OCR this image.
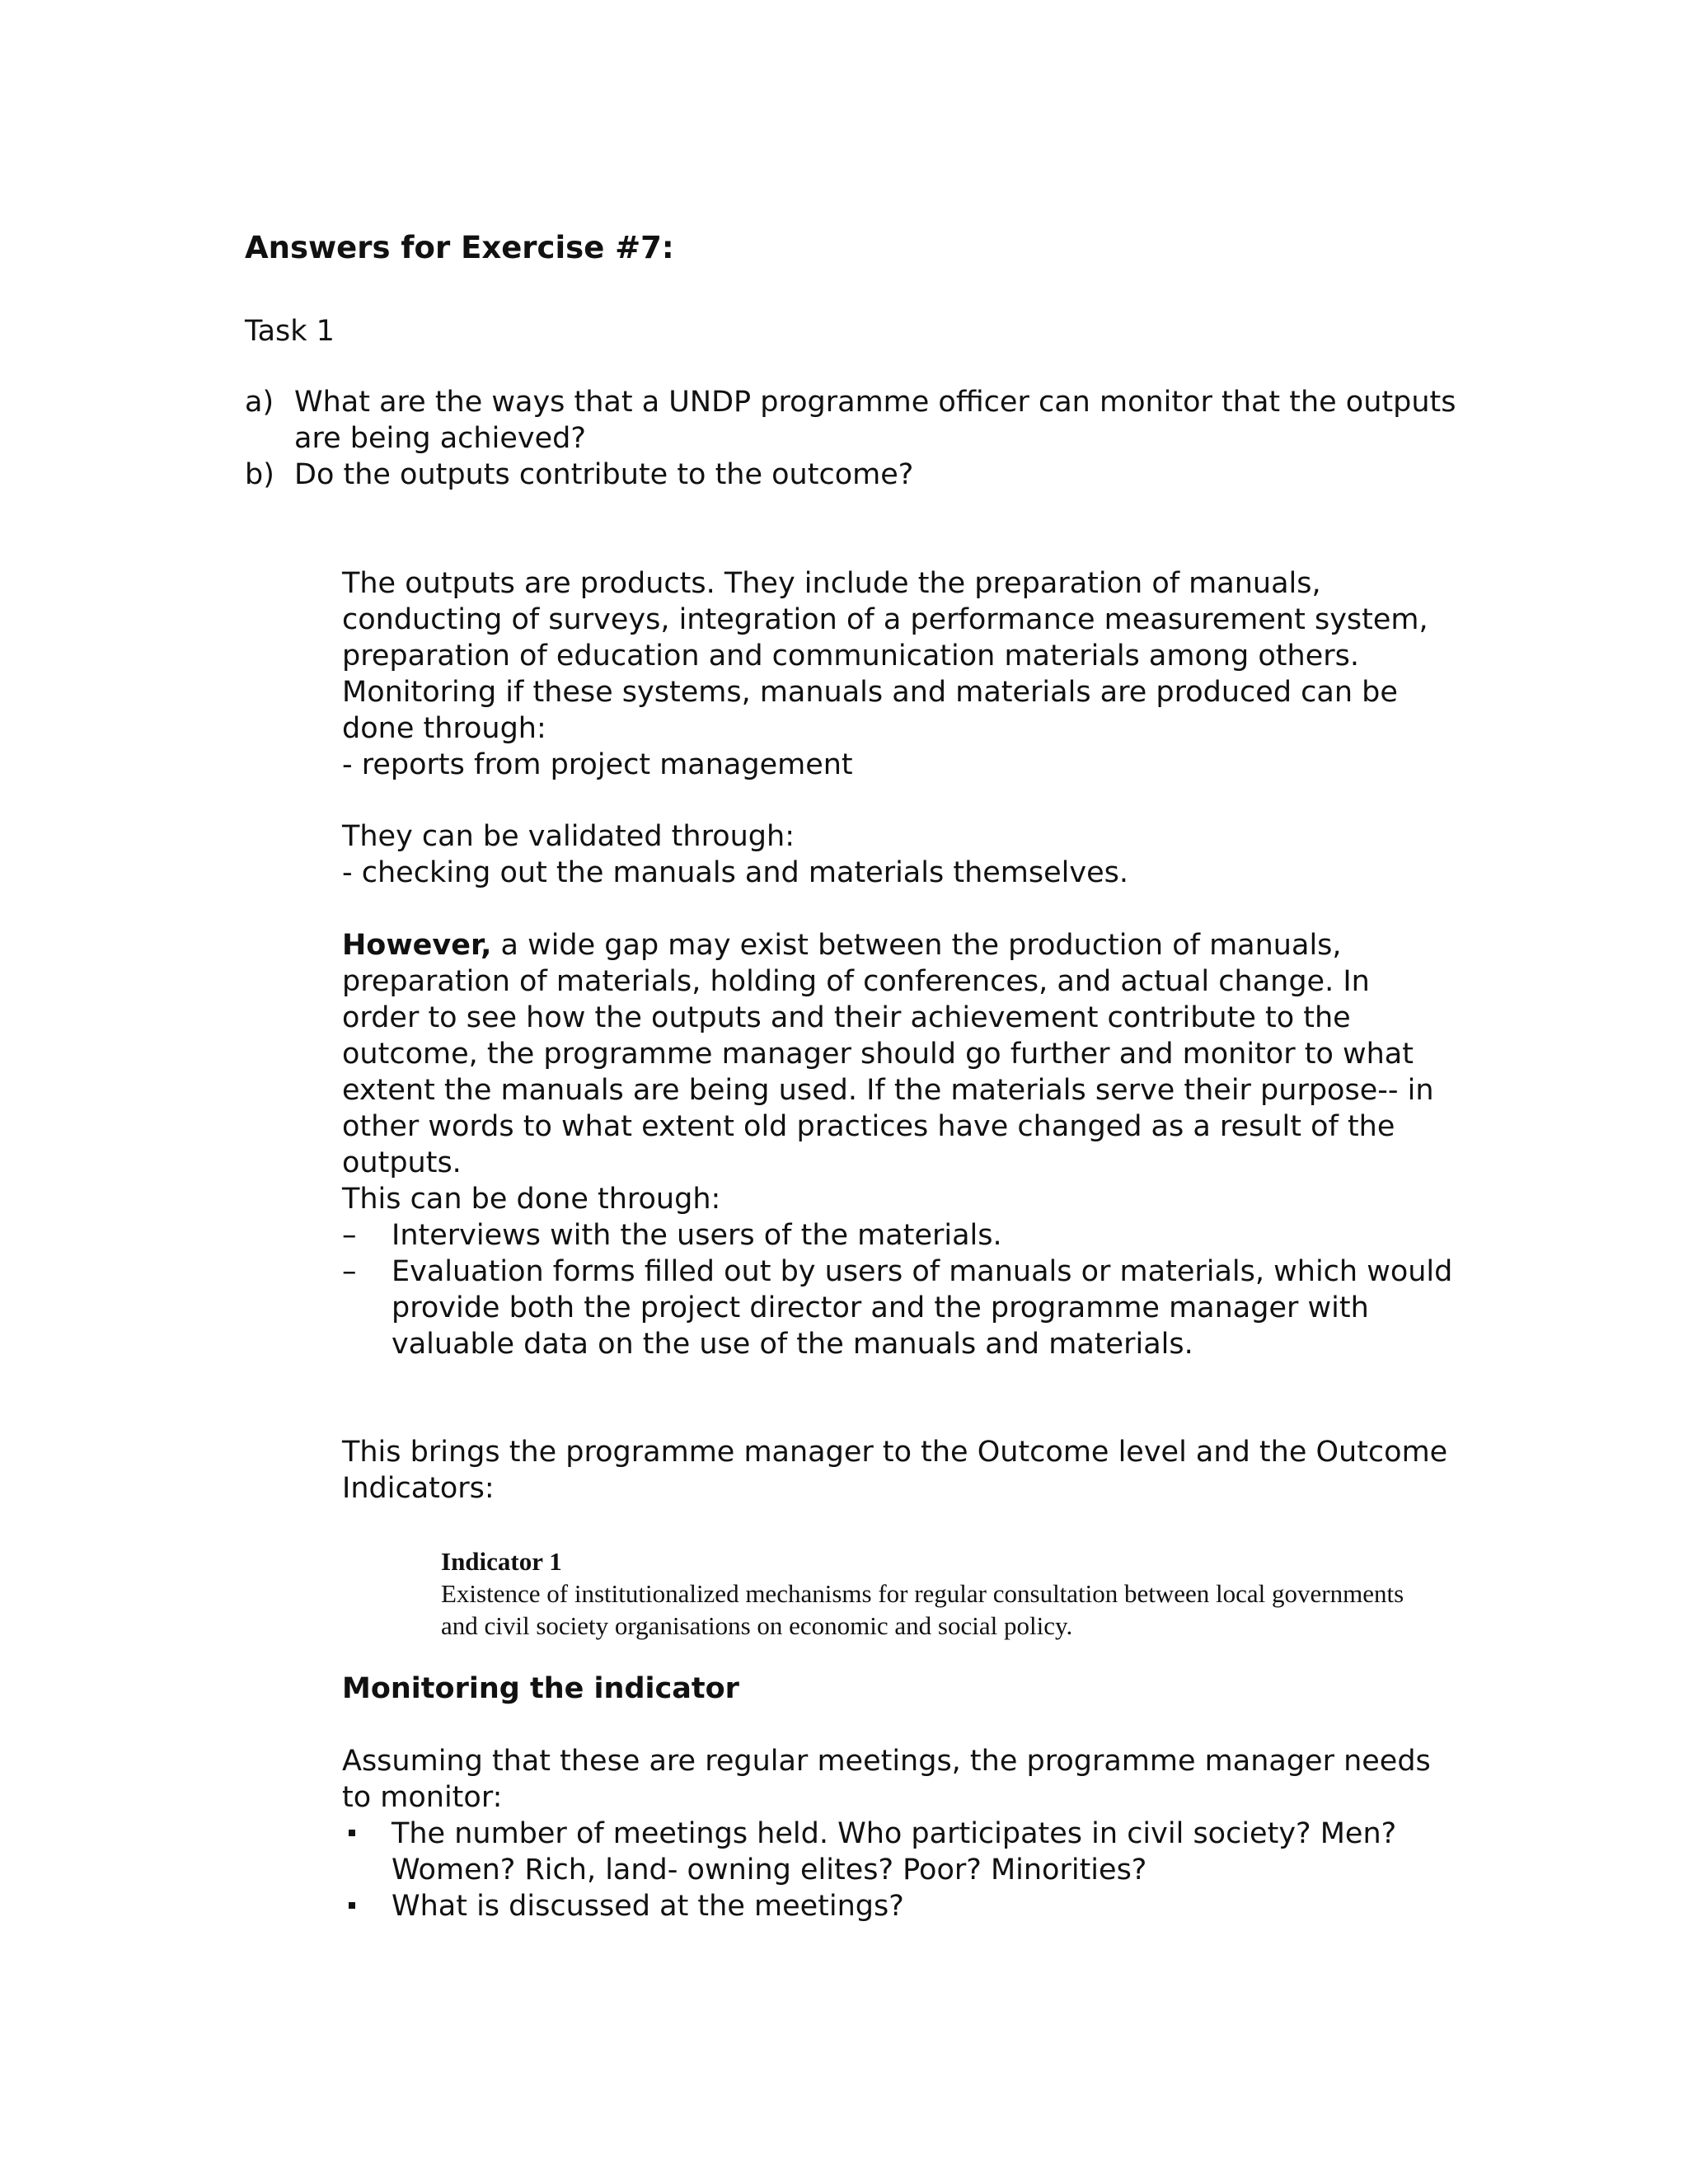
Answers for Exercise #7:
Task 1
a) What are the ways that a UNDP programme officer can monitor that the outputs are being achieved?
b) Do the outputs contribute to the outcome?

The outputs are products. They include the preparation of manuals, conducting of surveys, integration of a performance measurement system, preparation of education and communication materials among others. Monitoring if these systems, manuals and materials are produced can be done through:

- reports from project management

They can be validated through:

- checking out the manuals and materials themselves.

However, a wide gap may exist between the production of manuals, preparation of materials, holding of conferences, and actual change. In order to see how the outputs and their achievement contribute to the outcome, the programme manager should go further and monitor to what extent the manuals are being used. If the materials serve their purpose-- in other words to what extent old practices have changed as a result of the outputs.

This can be done through:

–	Interviews with the users of the materials.
–	Evaluation forms filled out by users of manuals or materials, which would provide both the project director and the programme manager with valuable data on the use of the manuals and materials.

This brings the programme manager to the Outcome level and the Outcome Indicators:

Indicator 1
Existence of institutionalized mechanisms for regular consultation between local governments and civil society organisations on economic and social policy.
Monitoring the indicator

Assuming that these are regular meetings, the programme manager needs to monitor:

The number of meetings held. Who participates in civil society? Men? Women? Rich, land- owning elites? Poor? Minorities?
What is discussed at the meetings?
